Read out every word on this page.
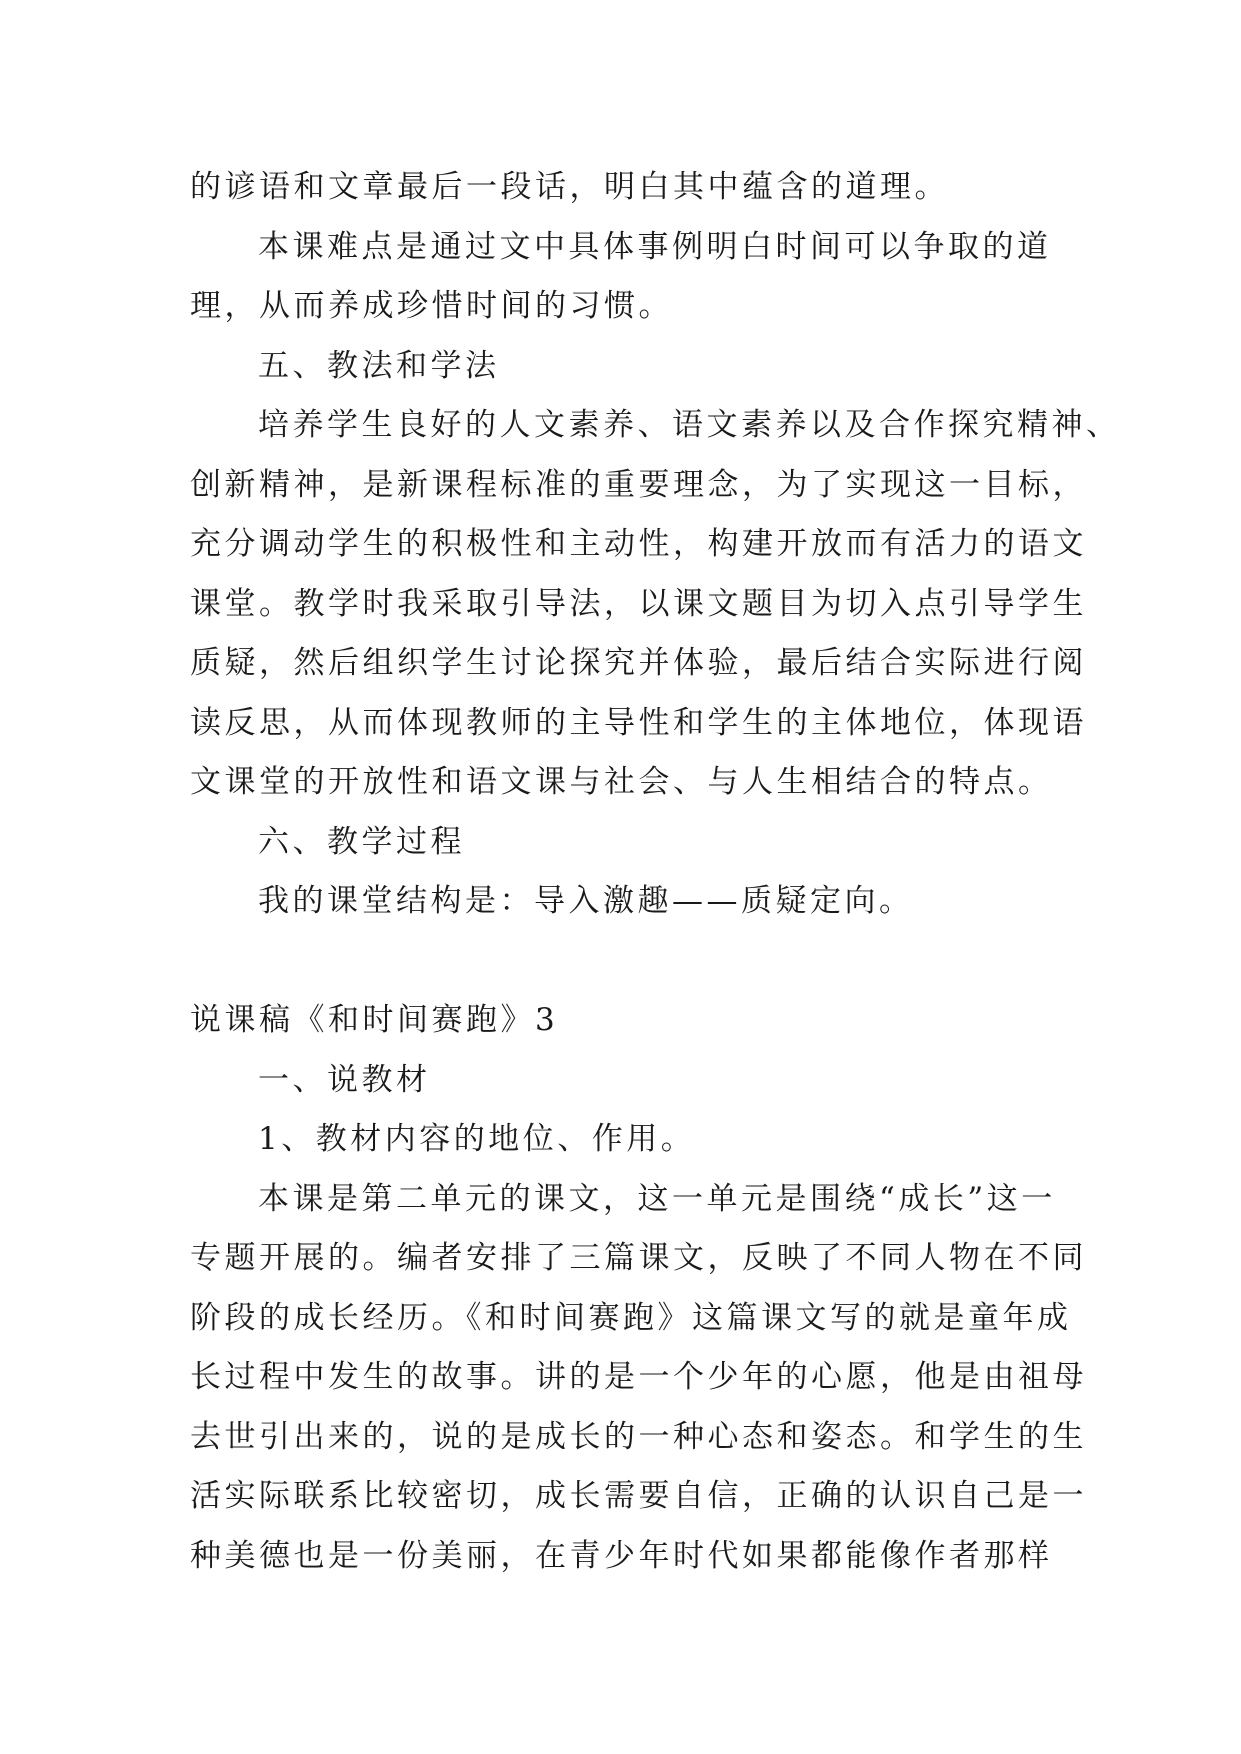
的谚语和文章最后一段话，明白其中蕴含的道理。

本课难点是通过文中具体事例明白时间可以争取的道

理，从而养成珍惜时间的习惯。

五、教法和学法

培养学生良好的人文素养、语文素养以及合作探究精神、

创新精神，是新课程标准的重要理念，为了实现这一目标，

充分调动学生的积极性和主动性，构建开放而有活力的语文

课堂。教学时我采取引导法，以课文题目为切入点引导学生

质疑，然后组织学生讨论探究并体验，最后结合实际进行阅

读反思，从而体现教师的主导性和学生的主体地位，体现语

文课堂的开放性和语文课与社会、与人生相结合的特点。

六、教学过程

我的课堂结构是：导入激趣——质疑定向。

说课稿《和时间赛跑》3

一、说教材

1、教材内容的地位、作用。

本课是第二单元的课文，这一单元是围绕“成长”这一

专题开展的。编者安排了三篇课文，反映了不同人物在不同

阶段的成长经历。《和时间赛跑》这篇课文写的就是童年成

长过程中发生的故事。讲的是一个少年的心愿，他是由祖母

去世引出来的，说的是成长的一种心态和姿态。和学生的生

活实际联系比较密切，成长需要自信，正确的认识自己是一

种美德也是一份美丽，在青少年时代如果都能像作者那样
